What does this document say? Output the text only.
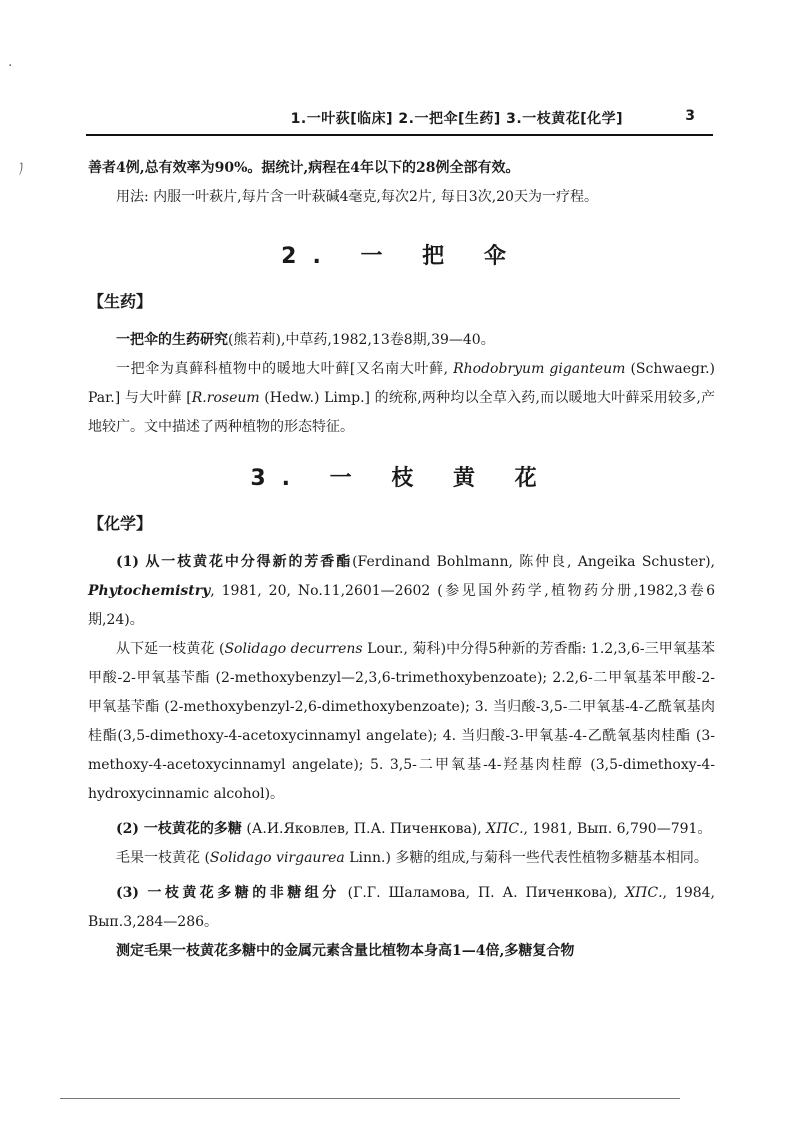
·
ノ
1.一叶荻[临床] 2.一把伞[生药] 3.一枝黄花[化学]	3

善者4例,总有效率为90%。据统计,病程在4年以下的28例全部有效。

用法: 内服一叶萩片,每片含一叶萩碱4毫克,每次2片, 每日3次,20天为一疗程。

2. 一 把 伞
【生药】

一把伞的生药研究(熊若莉),中草药,1982,13卷8期,39—40。

一把伞为真藓科植物中的暖地大叶藓[又名南大叶藓, Rhodobryum giganteum (Schwaegr.) Par.] 与大叶藓 [R.roseum (Hedw.) Limp.] 的统称,两种均以全草入药,而以暖地大叶藓采用较多,产地较广。文中描述了两种植物的形态特征。

3. 一 枝 黄 花
【化学】

(1) 从一枝黄花中分得新的芳香酯(Ferdinand Bohlmann, 陈仲良, Angeika Schuster), Phytochemistry, 1981, 20, No.11,2601—2602 (参见国外药学,植物药分册,1982,3卷6期,24)。

从下延一枝黄花 (Solidago decurrens Lour., 菊科)中分得5种新的芳香酯: 1.2,3,6-三甲氧基苯甲酸-2-甲氧基苄酯 (2-methoxybenzyl—2,3,6-trimethoxybenzoate); 2.2,6-二甲氧基苯甲酸-2-甲氧基苄酯 (2-methoxybenzyl-2,6-dimethoxybenzoate); 3. 当归酸-3,5-二甲氧基-4-乙酰氧基肉桂酯(3,5-dimethoxy-4-acetoxycinnamyl angelate); 4. 当归酸-3-甲氧基-4-乙酰氧基肉桂酯 (3-methoxy-4-acetoxycinnamyl angelate); 5. 3,5-二甲氧基-4-羟基肉桂醇 (3,5-dimethoxy-4-hydroxycinnamic alcohol)。

(2) 一枝黄花的多糖 (А.И.Яковлев, П.А. Пиченкова), ХПС., 1981, Вып. 6,790—791。

毛果一枝黄花 (Solidago virgaurea Linn.) 多糖的组成,与菊科一些代表性植物多糖基本相同。

(3) 一枝黄花多糖的非糖组分 (Г.Г. Шаламова, П. А. Пиченкова), ХПС., 1984, Вып.3,284—286。

测定毛果一枝黄花多糖中的金属元素含量比植物本身高1—4倍,多糖复合物
